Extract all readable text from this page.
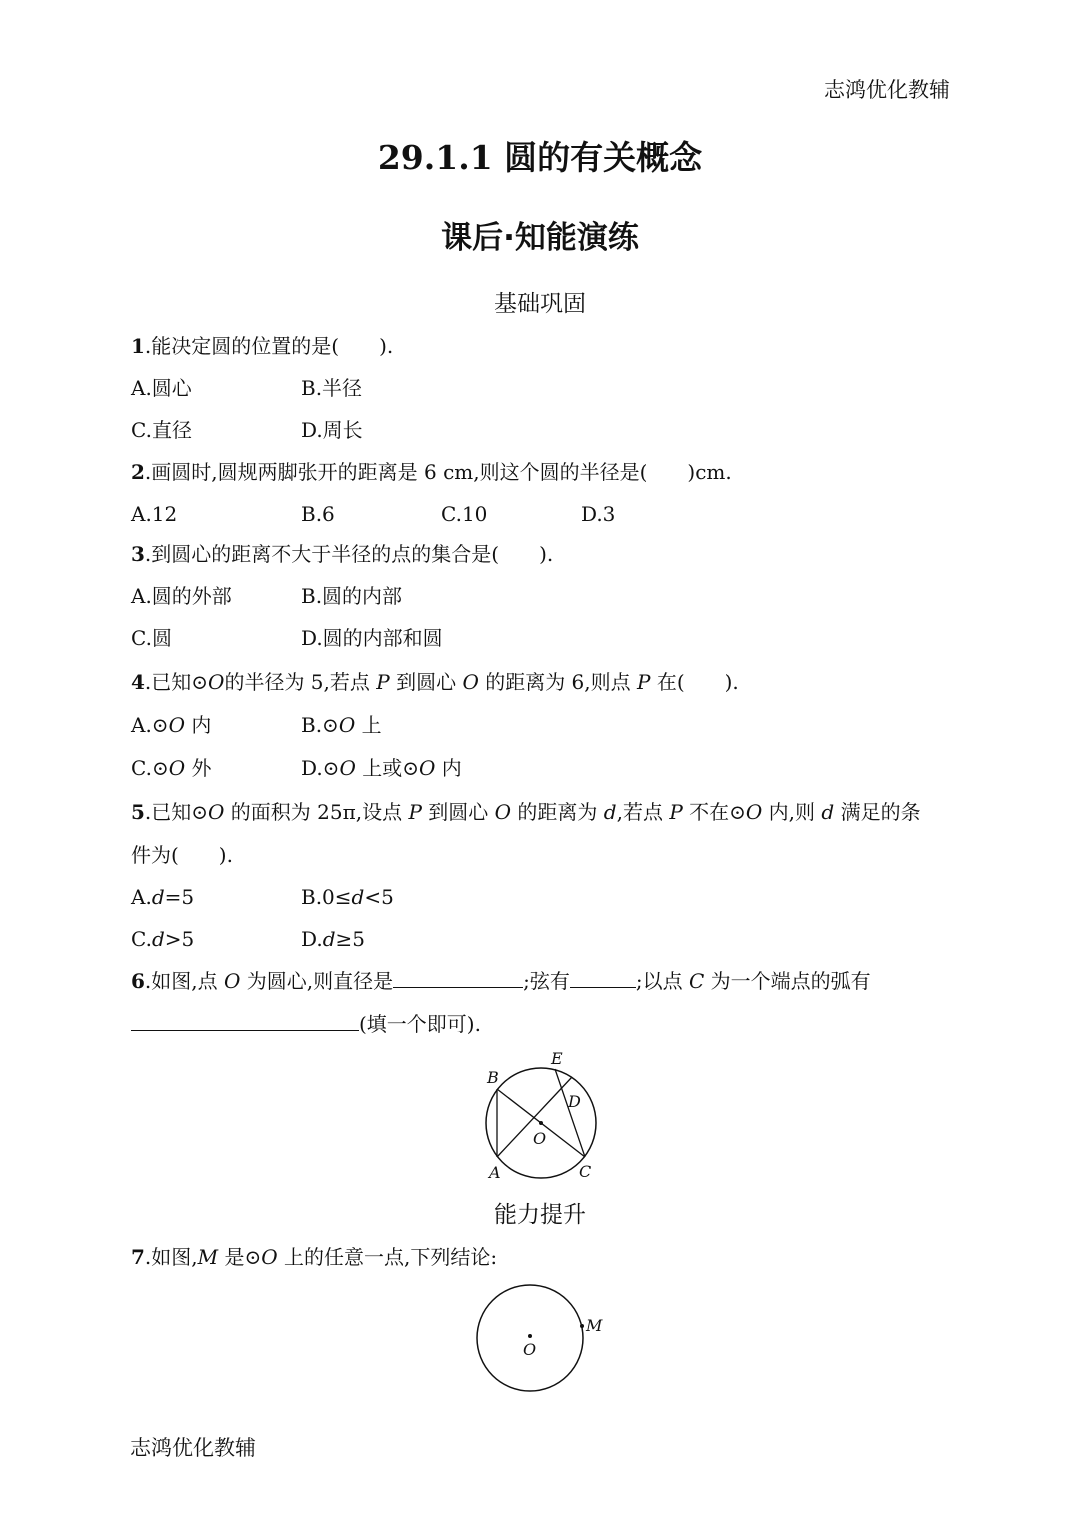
志鸿优化教辅
29.1.1 圆的有关概念
课后·知能演练
基础巩固
1.能决定圆的位置的是(　　).
A.圆心	B.半径
C.直径	D.周长
2.画圆时,圆规两脚张开的距离是 6 cm,则这个圆的半径是(　　)cm.
A.12	B.6	C.10	D.3
3.到圆心的距离不大于半径的点的集合是(　　).
A.圆的外部	B.圆的内部
C.圆	D.圆的内部和圆
4.已知⊙O的半径为 5,若点 P 到圆心 O 的距离为 6,则点 P 在(　　).
A.⊙O 内	B.⊙O 上
C.⊙O 外	D.⊙O 上或⊙O 内
5.已知⊙O 的面积为 25π,设点 P 到圆心 O 的距离为 d,若点 P 不在⊙O 内,则 d 满足的条
件为(　　).
A.d=5	B.0≤d<5
C.d>5	D.d≥5
6.如图,点 O 为圆心,则直径是	;弦有	;以点 C 为一个端点的弧有
(填一个即可).
B
E
D
O
A	C
能力提升
7.如图,M 是⊙O 上的任意一点,下列结论:
M
O
志鸿优化教辅
